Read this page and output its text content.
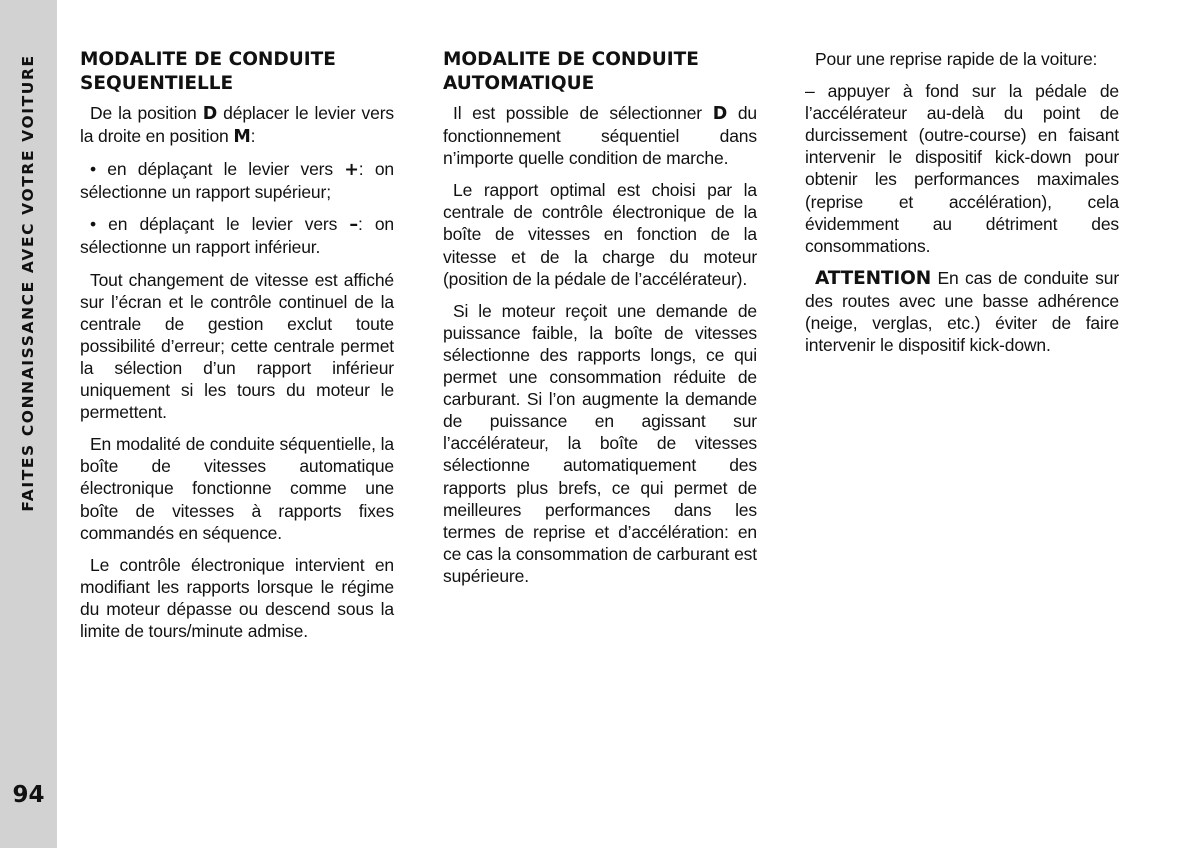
FAITES CONNAISSANCE AVEC VOTRE VOITURE
94
MODALITE DE CONDUITE
SEQUENTIELLE

De la position D déplacer le levier vers la droite en position M:

• en déplaçant le levier vers +: on sélectionne un rapport supérieur;

• en déplaçant le levier vers –: on sélectionne un rapport inférieur.

Tout changement de vitesse est affiché sur l’écran et le contrôle continuel de la centrale de gestion exclut toute possibilité d’erreur; cette centrale permet la sélection d’un rapport inférieur uniquement si les tours du moteur le permettent.

En modalité de conduite séquentielle, la boîte de vitesses automatique électronique fonctionne comme une boîte de vitesses à rapports fixes commandés en séquence.

Le contrôle électronique intervient en modifiant les rapports lorsque le régime du moteur dépasse ou descend sous la limite de tours/minute admise.

MODALITE DE CONDUITE
AUTOMATIQUE

Il est possible de sélectionner D du fonctionnement séquentiel dans n’importe quelle condition de marche.

Le rapport optimal est choisi par la centrale de contrôle électronique de la boîte de vitesses en fonction de la vitesse et de la charge du moteur (position de la pédale de l’accélérateur).

Si le moteur reçoit une demande de puissance faible, la boîte de vitesses sélectionne des rapports longs, ce qui permet une consommation réduite de carburant. Si l’on augmente la demande de puissance en agissant sur l’accélérateur, la boîte de vitesses sélectionne automatiquement des rapports plus brefs, ce qui permet de meilleures performances dans les termes de reprise et d’accélération: en ce cas la consommation de carburant est supérieure.

Pour une reprise rapide de la voiture:

– appuyer à fond sur la pédale de l’accélérateur au-delà du point de durcissement (outre-course) en faisant intervenir le dispositif kick-down pour obtenir les performances maximales (reprise et accélération), cela évidemment au détriment des consommations.

ATTENTION En cas de conduite sur des routes avec une basse adhérence (neige, verglas, etc.) éviter de faire intervenir le dispositif kick-down.
